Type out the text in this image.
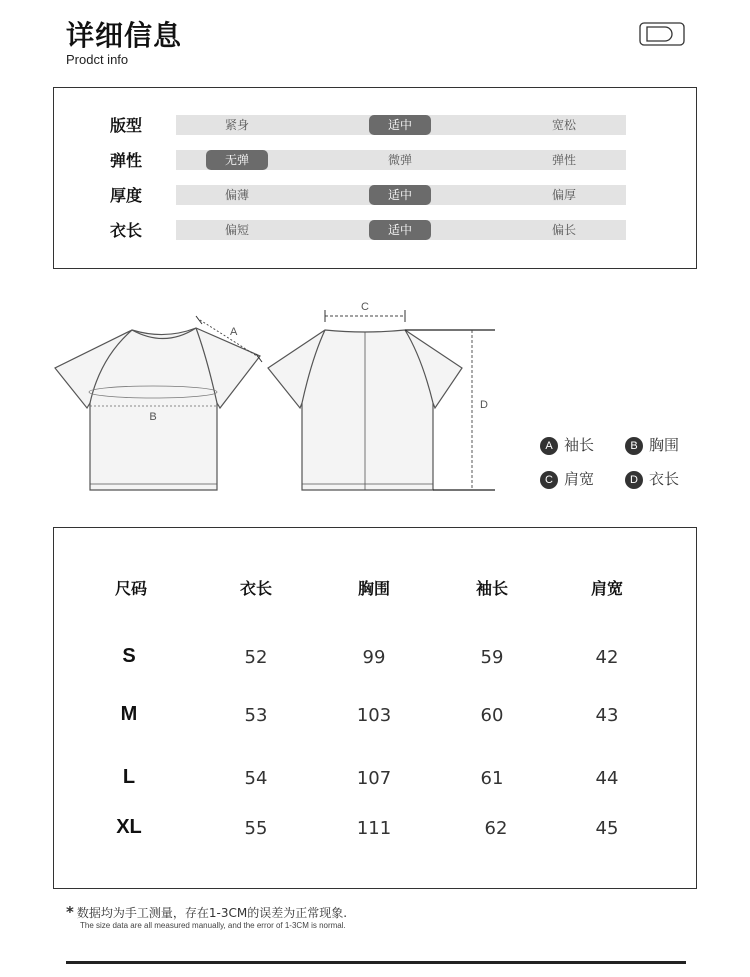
详细信息
Prodct info
版型	紧身	适中	宽松
弹性	无弹	微弹	弹性
厚度	偏薄	适中	偏厚
衣长	偏短	适中	偏长
B
A
C
D
A 袖长	B 胸围
C 肩宽	D 衣长
尺码	衣长	胸围	袖长	肩宽
S	52	99	59	42
M	53	103	60	43
L	54	107	61	44
XL	55	111	62	45
* 数据均为手工测量，存在1-3CM的误差为正常现象.
The size data are all measured manually, and the error of 1-3CM is normal.
